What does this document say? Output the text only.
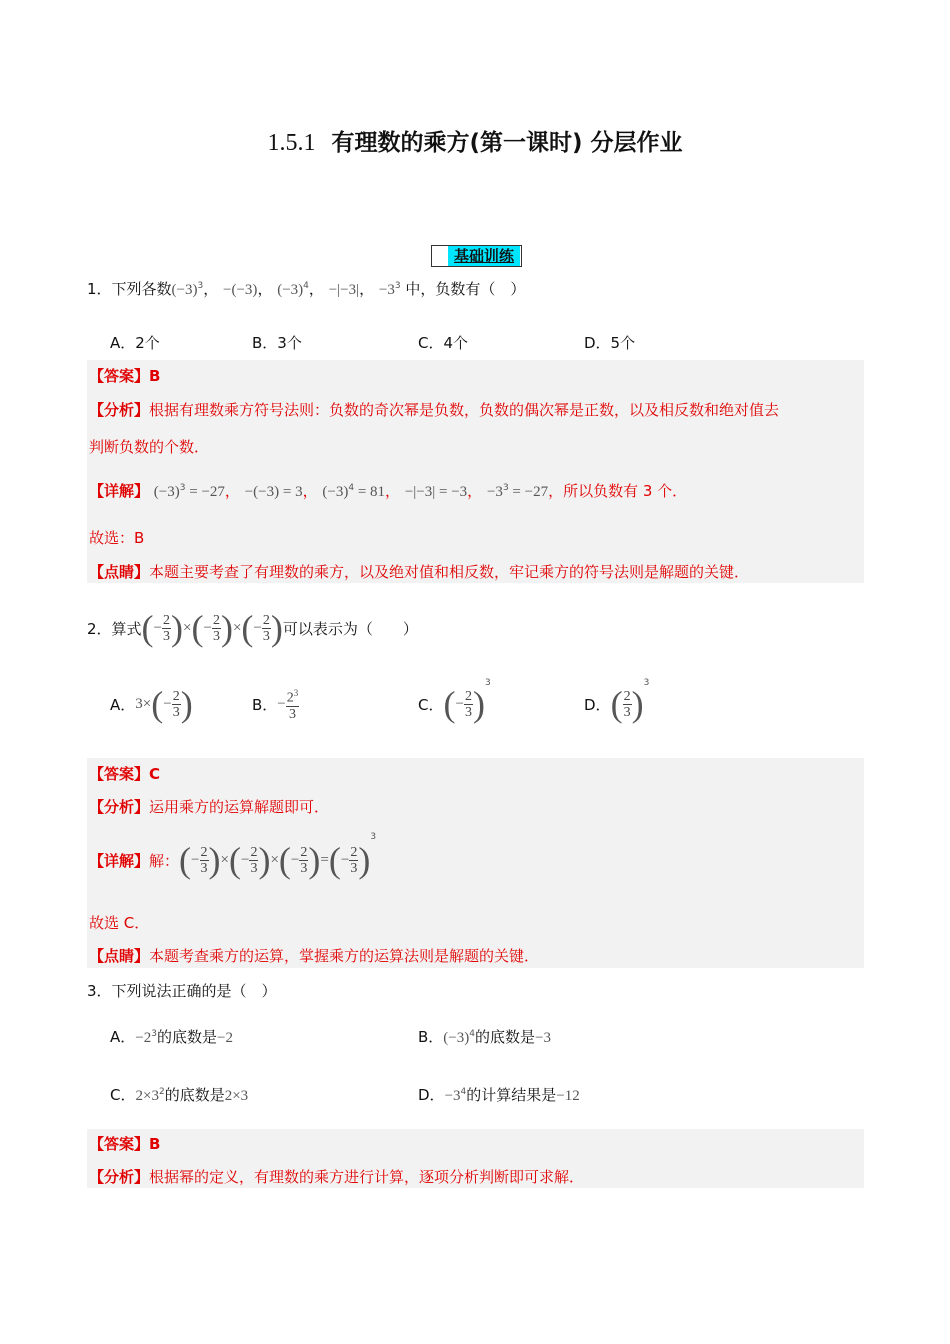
1.5.1 有理数的乘方(第一课时) 分层作业
基础训练
1．下列各数$(-3)^3$， −(−3)， $(-3)^4$， −|−3|， $-3^3$ 中，负数有（　）
A．2个	B．3个	C．4个	D．5个
【答案】B
【分析】根据有理数乘方符号法则：负数的奇次幂是负数，负数的偶次幂是正数，以及相反数和绝对值去
判断负数的个数．
【详解】 $(-3)^3 = -27$， −(−3) = 3， $(-3)^4 = 81$， −|−3| = −3， $-3^3 = -27$，所以负数有 3 个．
故选：B
【点睛】本题主要考查了有理数的乘方，以及绝对值和相反数，牢记乘方的符号法则是解题的关键．
2．算式 ( − $\frac{2}{3}$ ) × ( − $\frac{2}{3}$ ) × ( − $\frac{2}{3}$ ) 可以表示为（　　）
A． 3 × ( − $\frac{2}{3}$ )	B． − $\frac{2^3}{3}$	C． ( − $\frac{2}{3}$ )
$^3$
D． ( $\frac{2}{3}$ )
$^3$
【答案】C
【分析】运用乘方的运算解题即可．
【详解】 解： ( − $\frac{2}{3}$ ) × ( − $\frac{2}{3}$ ) × ( − $\frac{2}{3}$ ) = ( − $\frac{2}{3}$ )
3
故选 C．
【点睛】本题考查乘方的运算，掌握乘方的运算法则是解题的关键．
3．下列说法正确的是（　）
A．$-2^3$的底数是−2	B．$(-3)^4$的底数是−3
C．$2\times 3^2$的底数是2×3	D．$-3^4$的计算结果是−12
【答案】B
【分析】根据幂的定义，有理数的乘方进行计算，逐项分析判断即可求解．
